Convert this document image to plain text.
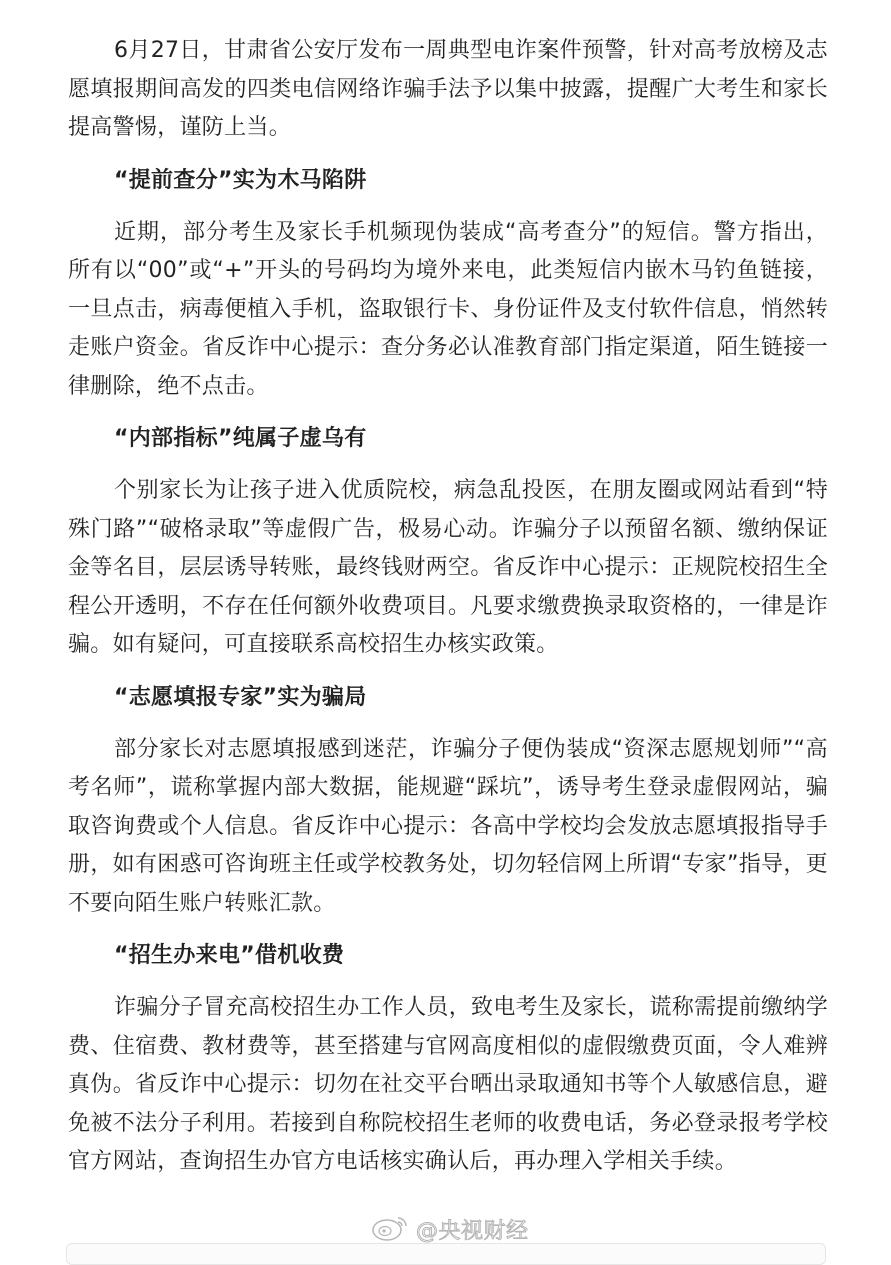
6月27日，甘肃省公安厅发布一周典型电诈案件预警，针对高考放榜及志愿填报期间高发的四类电信网络诈骗手法予以集中披露，提醒广大考生和家长提高警惕，谨防上当。

“提前查分”实为木马陷阱

近期，部分考生及家长手机频现伪装成“高考查分”的短信。警方指出，所有以“00”或“+”开头的号码均为境外来电，此类短信内嵌木马钓鱼链接，一旦点击，病毒便植入手机，盗取银行卡、身份证件及支付软件信息，悄然转走账户资金。省反诈中心提示：查分务必认准教育部门指定渠道，陌生链接一律删除，绝不点击。

“内部指标”纯属子虚乌有

个别家长为让孩子进入优质院校，病急乱投医，在朋友圈或网站看到“特殊门路”“破格录取”等虚假广告，极易心动。诈骗分子以预留名额、缴纳保证金等名目，层层诱导转账，最终钱财两空。省反诈中心提示：正规院校招生全程公开透明，不存在任何额外收费项目。凡要求缴费换录取资格的，一律是诈骗。如有疑问，可直接联系高校招生办核实政策。

“志愿填报专家”实为骗局

部分家长对志愿填报感到迷茫，诈骗分子便伪装成“资深志愿规划师”“高考名师”，谎称掌握内部大数据，能规避“踩坑”，诱导考生登录虚假网站，骗取咨询费或个人信息。省反诈中心提示：各高中学校均会发放志愿填报指导手册，如有困惑可咨询班主任或学校教务处，切勿轻信网上所谓“专家”指导，更不要向陌生账户转账汇款。

“招生办来电”借机收费

诈骗分子冒充高校招生办工作人员，致电考生及家长，谎称需提前缴纳学费、住宿费、教材费等，甚至搭建与官网高度相似的虚假缴费页面，令人难辨真伪。省反诈中心提示：切勿在社交平台晒出录取通知书等个人敏感信息，避免被不法分子利用。若接到自称院校招生老师的收费电话，务必登录报考学校官方网站，查询招生办官方电话核实确认后，再办理入学相关手续。

@央视财经
